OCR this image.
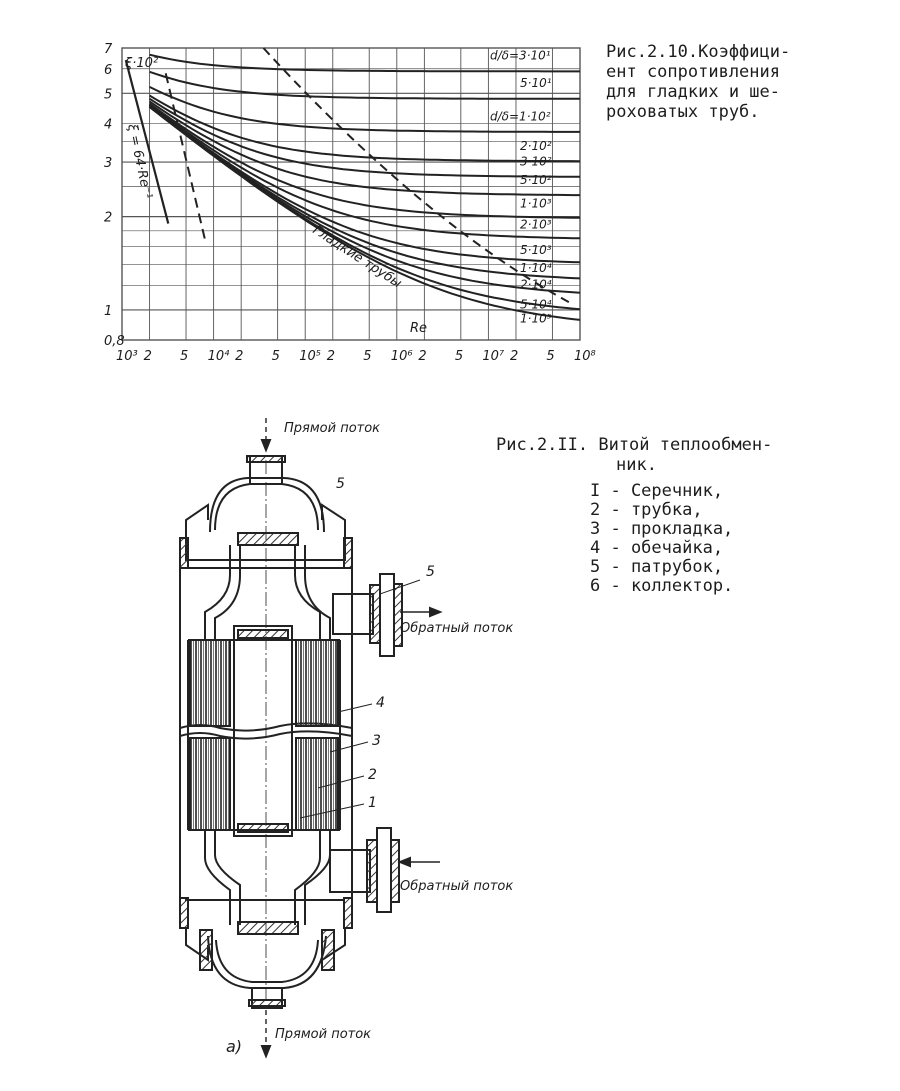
7
6
5
4
3
2
1
0,8
10³ 2 5 10⁴ 2 5 10⁵ 2 5 10⁶ 2 5 10⁷ 2 5 10⁸
d/δ=3·10¹
5·10¹
d/δ=1·10²
2·10²
3·10²
5·10²
1·10³
2·10³
5·10³
1·10⁴
2·10⁴
5·10⁴
1·10⁵
ξ·10²
Re
ξ = 64·Re⁻¹
Гладкие трубы
Рис.2.10.Коэффици-
ент сопротивления
для гладких и ше-
роховатых труб.
Прямой поток
Обратный поток
Обратный поток
Прямой поток
а)
5
5
4
3
2
1
Рис.2.II. Витой теплообмен-
ник.
I - Сеpечник,
2 - трубка,
3 - прокладка,
4 - обечайка,
5 - патрубок,
6 - коллектор.
